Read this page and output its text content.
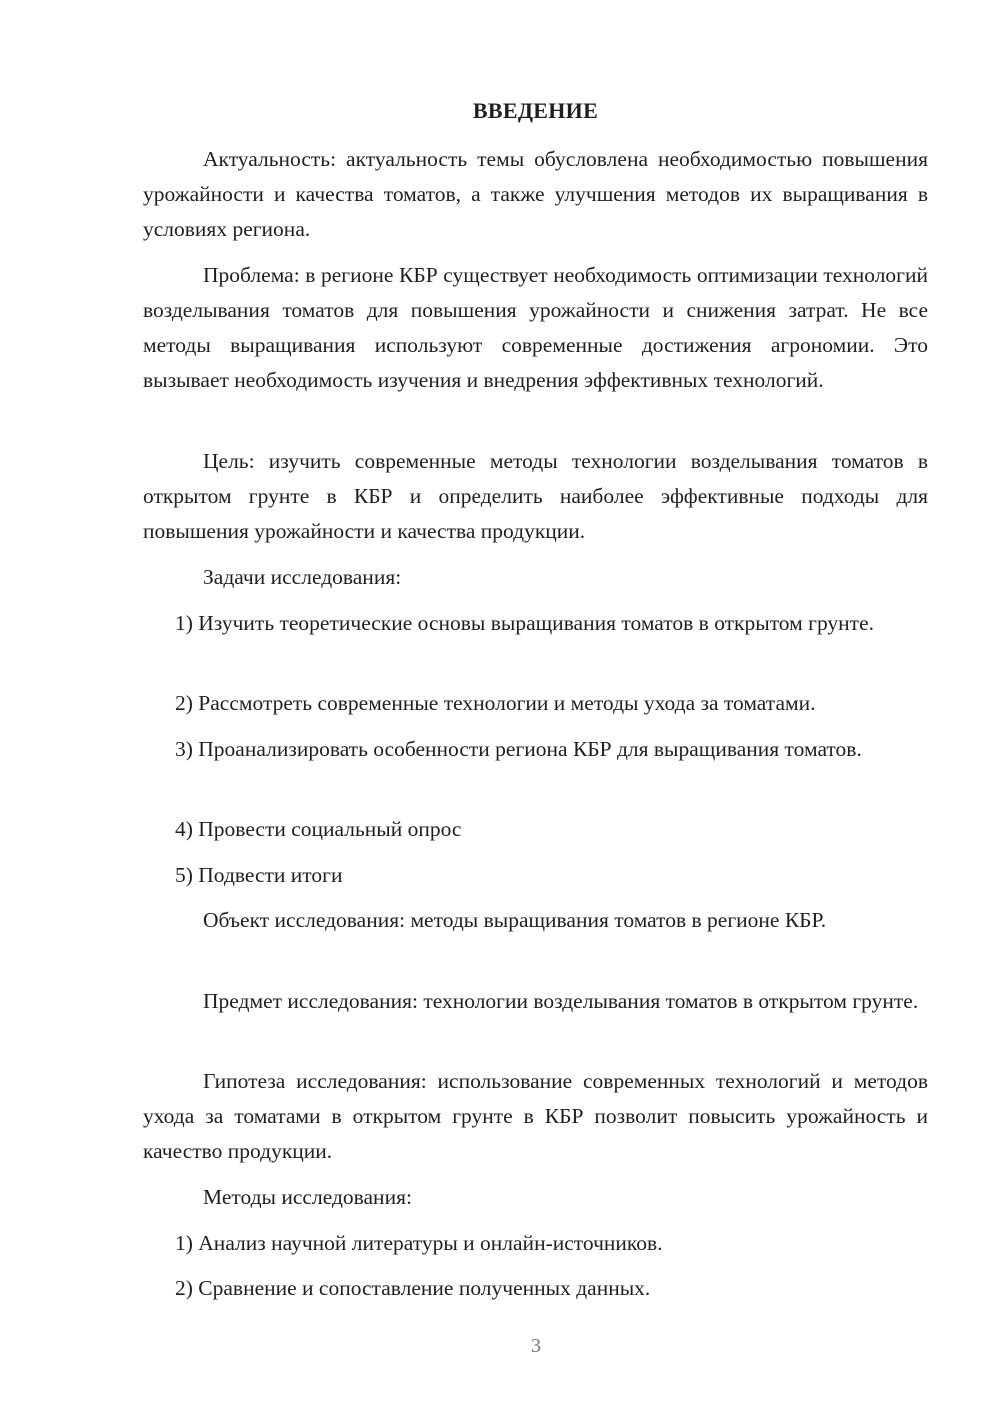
ВВЕДЕНИЕ

Актуальность: актуальность темы обусловлена необходимостью повышения урожайности и качества томатов, а также улучшения методов их выращивания в условиях региона.

Проблема: в регионе КБР существует необходимость оптимизации технологий возделывания томатов для повышения урожайности и снижения затрат. Не все методы выращивания используют современные достижения агрономии. Это вызывает необходимость изучения и внедрения эффективных технологий.

Цель: изучить современные методы технологии возделывания томатов в открытом грунте в КБР и определить наиболее эффективные подходы для повышения урожайности и качества продукции.

Задачи исследования:

1) Изучить теоретические основы выращивания томатов в открытом грунте.

2) Рассмотреть современные технологии и методы ухода за томатами.

3) Проанализировать особенности региона КБР для выращивания томатов.

4) Провести социальный опрос

5) Подвести итоги

Объект исследования: методы выращивания томатов в регионе КБР.

Предмет исследования: технологии возделывания томатов в открытом грунте.

Гипотеза исследования: использование современных технологий и методов ухода за томатами в открытом грунте в КБР позволит повысить урожайность и качество продукции.

Методы исследования:

1) Анализ научной литературы и онлайн-источников.

2) Сравнение и сопоставление полученных данных.

3
